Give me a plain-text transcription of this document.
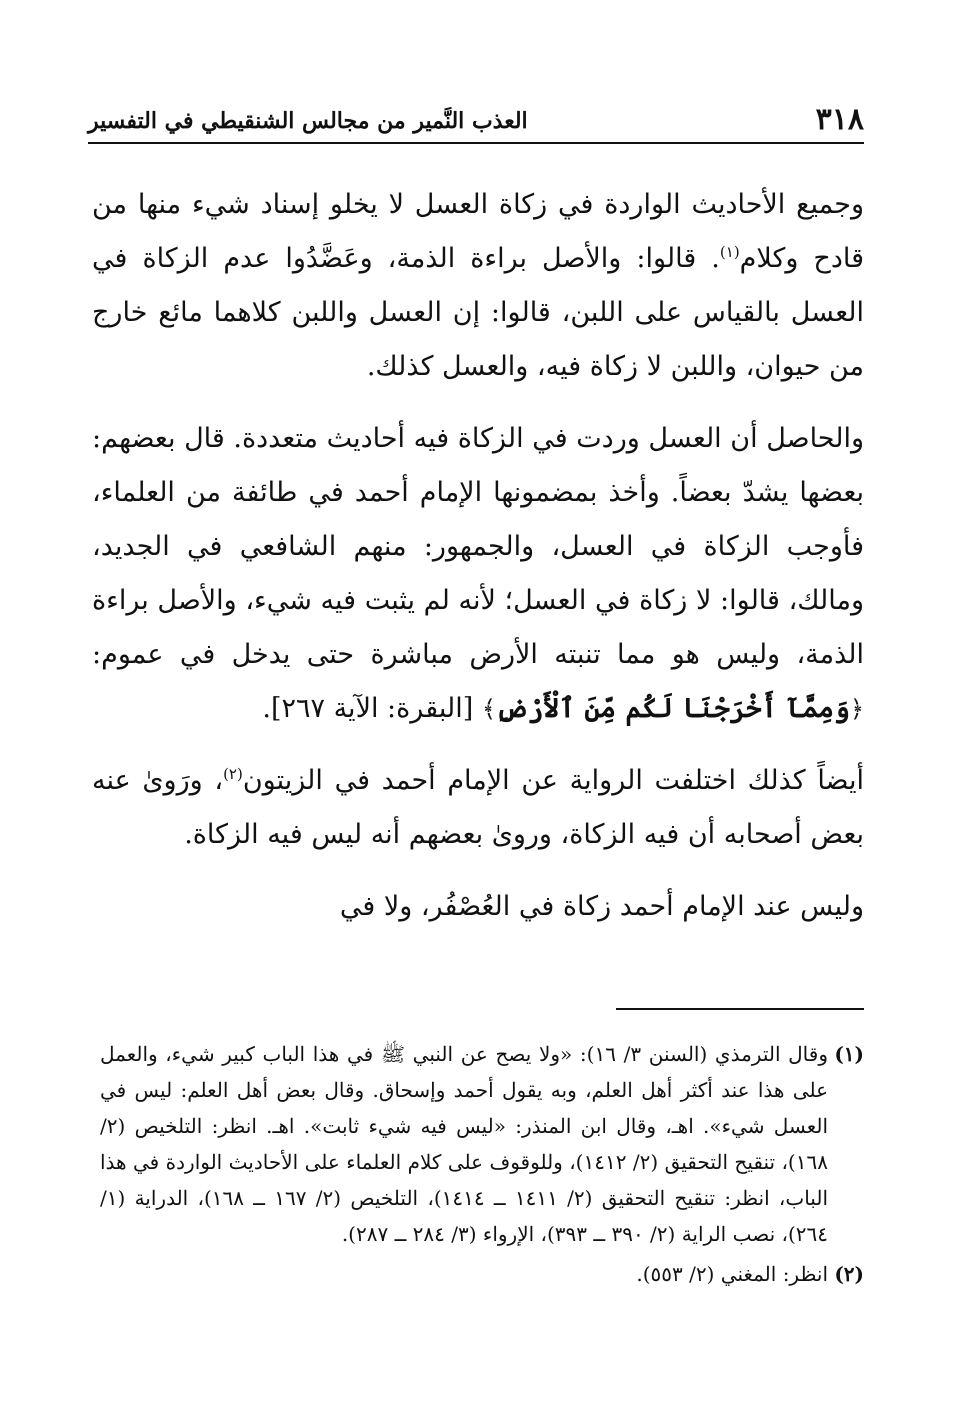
٣١٨
العذب النَّمير من مجالس الشنقيطي في التفسير

وجميع الأحاديث الواردة في زكاة العسل لا يخلو إسناد شيء منها من قادح وكلام$^{(١)}$. قالوا: والأصل براءة الذمة، وعَضَّدُوا عدم الزكاة في العسل بالقياس على اللبن، قالوا: إن العسل واللبن كلاهما مائع خارج من حيوان، واللبن لا زكاة فيه، والعسل كذلك.

والحاصل أن العسل وردت في الزكاة فيه أحاديث متعددة. قال بعضهم: بعضها يشدّ بعضاً. وأخذ بمضمونها الإمام أحمد في طائفة من العلماء، فأوجب الزكاة في العسل، والجمهور: منهم الشافعي في الجديد، ومالك، قالوا: لا زكاة في العسل؛ لأنه لم يثبت فيه شيء، والأصل براءة الذمة، وليس هو مما تنبته الأرض مباشرة حتى يدخل في عموم: ﴿وَمِمَّآ أَخْرَجْنَا لَكُم مِّنَ ٱلْأَرْضِ﴾ [البقرة: الآية ٢٦٧].

أيضاً كذلك اختلفت الرواية عن الإمام أحمد في الزيتون$^{(٢)}$، ورَوىٰ عنه بعض أصحابه أن فيه الزكاة، وروىٰ بعضهم أنه ليس فيه الزكاة.

وليس عند الإمام أحمد زكاة في العُصْفُر، ولا في

(١)
وقال الترمذي (السنن ٣/ ١٦): «ولا يصح عن النبي ﷺ في هذا الباب كبير شيء، والعمل على هذا عند أكثر أهل العلم، وبه يقول أحمد وإسحاق. وقال بعض أهل العلم: ليس في العسل شيء». اهـ، وقال ابن المنذر: «ليس فيه شيء ثابت». اهـ. انظر: التلخيص (٢/ ١٦٨)، تنقيح التحقيق (٢/ ١٤١٢)، وللوقوف على كلام العلماء على الأحاديث الواردة في هذا الباب، انظر: تنقيح التحقيق (٢/ ١٤١١ ــ ١٤١٤)، التلخيص (٢/ ١٦٧ ــ ١٦٨)، الدراية (١/ ٢٦٤)، نصب الراية (٢/ ٣٩٠ ــ ٣٩٣)، الإرواء (٣/ ٢٨٤ ــ ٢٨٧).
(٢)
انظر: المغني (٢/ ٥٥٣).
